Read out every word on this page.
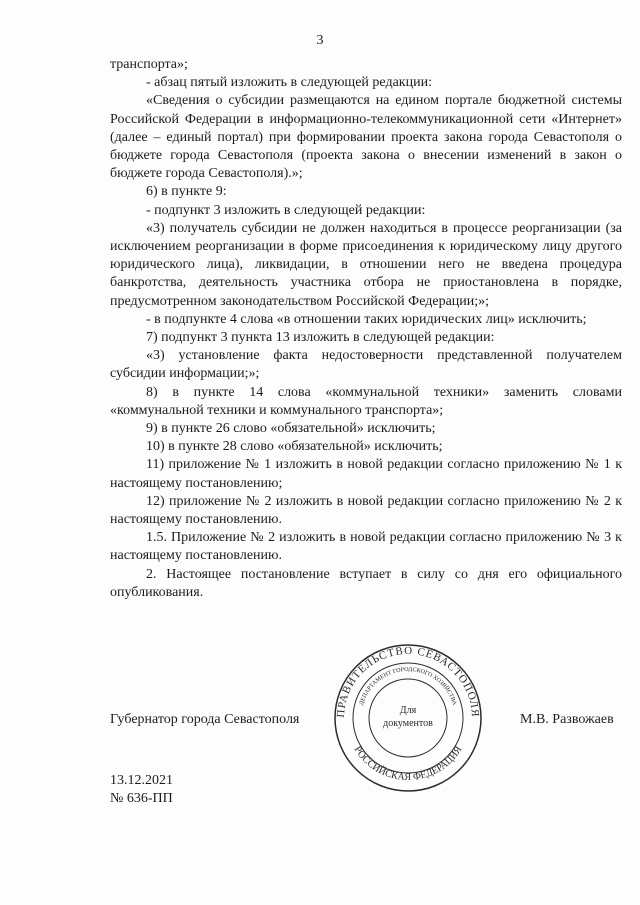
3

транспорта»;

- абзац пятый изложить в следующей редакции:

«Сведения о субсидии размещаются на едином портале бюджетной системы Российской Федерации в информационно-телекоммуникационной сети «Интернет» (далее – единый портал) при формировании проекта закона города Севастополя о бюджете города Севастополя (проекта закона о внесении изменений в закон о бюджете города Севастополя).»;

6) в пункте 9:

- подпункт 3 изложить в следующей редакции:

«3) получатель субсидии не должен находиться в процессе реорганизации (за исключением реорганизации в форме присоединения к юридическому лицу другого юридического лица), ликвидации, в отношении него не введена процедура банкротства, деятельность участника отбора не приостановлена в порядке, предусмотренном законодательством Российской Федерации;»;

- в подпункте 4 слова «в отношении таких юридических лиц» исключить;

7) подпункт 3 пункта 13 изложить в следующей редакции:

«3) установление факта недостоверности представленной получателем субсидии информации;»;

8) в пункте 14 слова «коммунальной техники» заменить словами «коммунальной техники и коммунального транспорта»;

9) в пункте 26 слово «обязательной» исключить;

10) в пункте 28 слово «обязательной» исключить;

11) приложение № 1 изложить в новой редакции согласно приложению № 1 к настоящему постановлению;

12) приложение № 2 изложить в новой редакции согласно приложению № 2 к настоящему постановлению.

1.5. Приложение № 2 изложить в новой редакции согласно приложению № 3 к настоящему постановлению.

2. Настоящее постановление вступает в силу со дня его официального опубликования.

Губернатор города Севастополя	ПРАВИТЕЛЬСТВО СЕВАСТОПОЛЯ
РОССИЙСКАЯ ФЕДЕРАЦИЯ
ДЕПАРТАМЕНТ ГОРОДСКОГО ХОЗЯЙСТВА
Для
документов	М.В. Развожаев
13.12.2021
№ 636-ПП
